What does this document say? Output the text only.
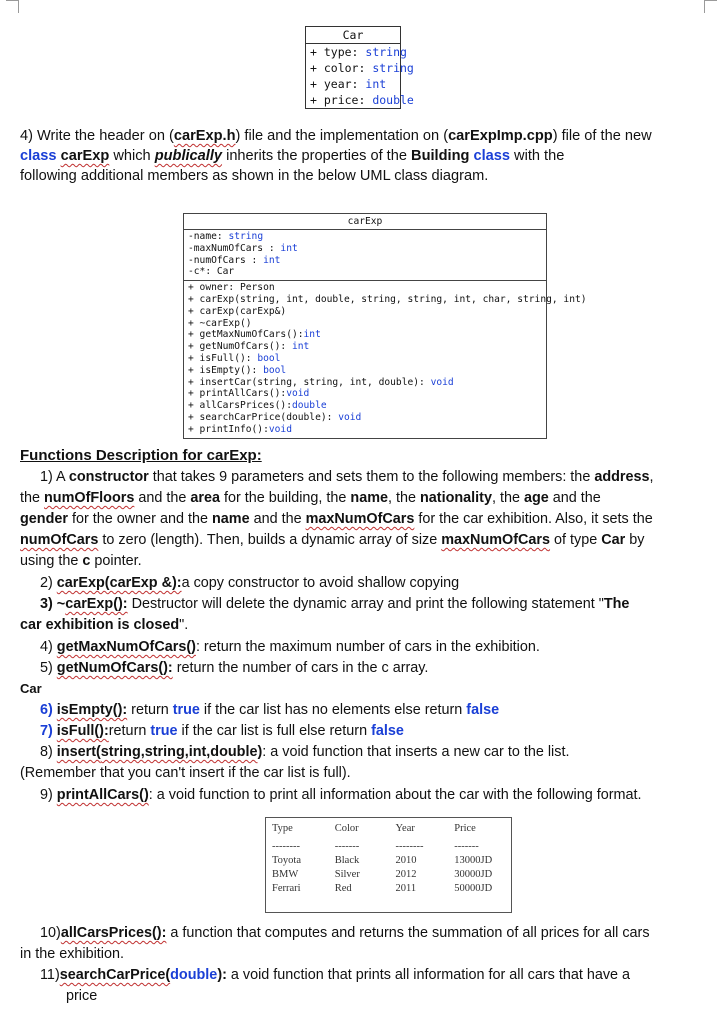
Car
+ type: string
+ color: string
+ year: int
+ price: double
4) Write the header on (carExp.h) file and the implementation on (carExpImp.cpp) file of the new
class carExp which publically inherits the properties of the Building class with the
following additional members as shown in the below UML class diagram.
carExp
-name: string
-maxNumOfCars : int
-numOfCars : int
-c*: Car
+ owner: Person
+ carExp(string, int, double, string, string, int, char, string, int)
+ carExp(carExp&)
+ ~carExp()
+ getMaxNumOfCars():int
+ getNumOfCars(): int
+ isFull(): bool
+ isEmpty(): bool
+ insertCar(string, string, int, double): void
+ printAllCars():void
+ allCarsPrices():double
+ searchCarPrice(double): void
+ printInfo():void
Functions Description for carExp:
1) A constructor that takes 9 parameters and sets them to the following members: the address,
the numOfFloors and the area for the building, the name, the nationality, the age and the
gender for the owner and the name and the maxNumOfCars for the car exhibition. Also, it sets the
numOfCars to zero (length). Then, builds a dynamic array of size maxNumOfCars of type Car by
using the c pointer.
2) carExp(carExp &):a copy constructor to avoid shallow copying
3) ~carExp(): Destructor will delete the dynamic array and print the following statement "The
car exhibition is closed".
4) getMaxNumOfCars(): return the maximum number of cars in the exhibition.
5) getNumOfCars(): return the number of cars in the c array.
Car
6) isEmpty(): return true if the car list has no elements else return false
7) isFull():return true if the car list is full else return false
8) insert(string,string,int,double): a void function that inserts a new car to the list.
(Remember that you can't insert if the car list is full).
9) printAllCars(): a void function to print all information about the car with the following format.
Type	Color	Year	Price
--------	-------	--------	-------
Toyota	Black	2010	13000JD
BMW	Silver	2012	30000JD
Ferrari	Red	2011	50000JD
10)allCarsPrices(): a function that computes and returns the summation of all prices for all cars
in the exhibition.
11)searchCarPrice(double): a void function that prints all information for all cars that have a
price
